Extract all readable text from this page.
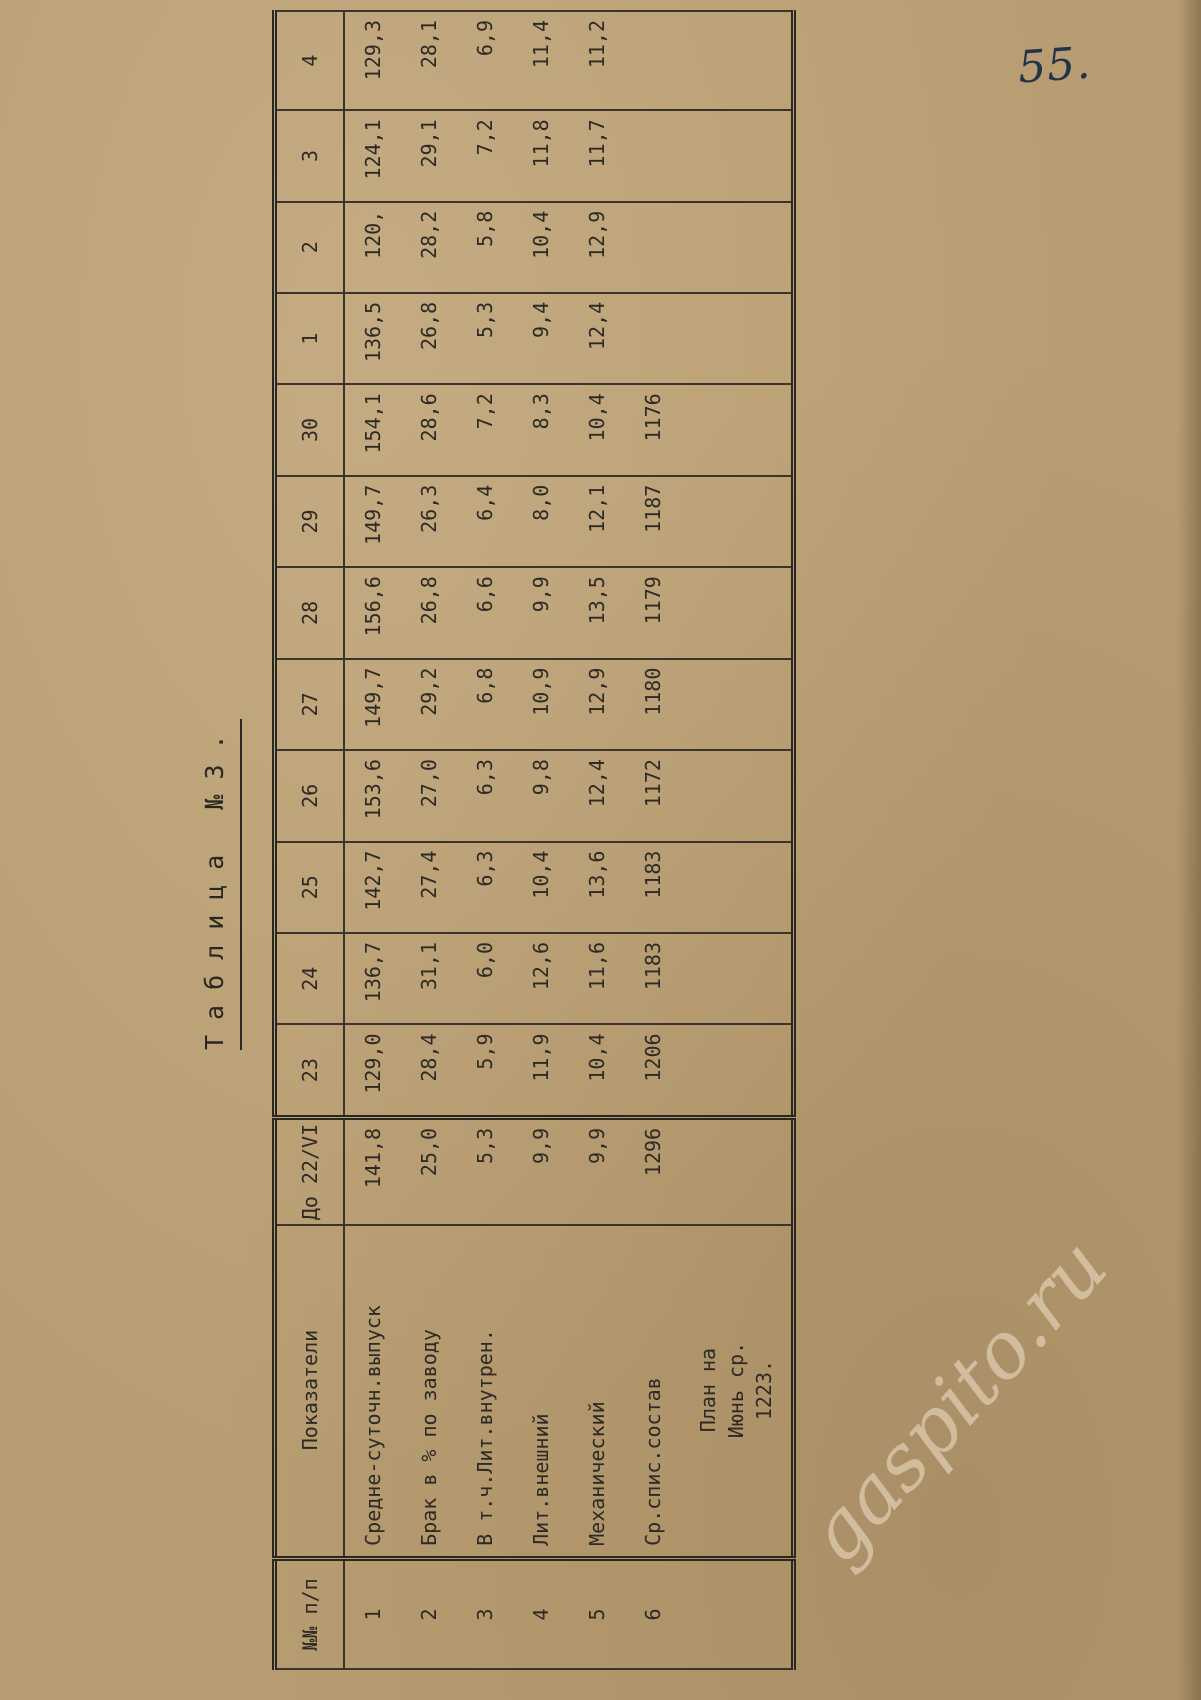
55.
gaspito.ru
Таблица №3.
№№ п/п	Показатели	До 22/VI	23	24	25	26	27	28	29	30	1	2	3	4
1	Средне-суточн.выпуск	141,8	129,0	136,7	142,7	153,6	149,7	156,6	149,7	154,1	136,5	120,	124,1	129,3
2	Брак в % по заводу	25,0	28,4	31,1	27,4	27,0	29,2	26,8	26,3	28,6	26,8	28,2	29,1	28,1
3	В т.ч.Лит.внутрен.	5,3	5,9	6,0	6,3	6,3	6,8	6,6	6,4	7,2	5,3	5,8	7,2	6,9
4	Лит.внешний	9,9	11,9	12,6	10,4	9,8	10,9	9,9	8,0	8,3	9,4	10,4	11,8	11,4
5	Механический	9,9	10,4	11,6	13,6	12,4	12,9	13,5	12,1	10,4	12,4	12,9	11,7	11,2
6	Ср.спис.состав	1296	1206	1183	1183	1172	1180	1179	1187	1176				

	План на Июнь ср. 1223.													
